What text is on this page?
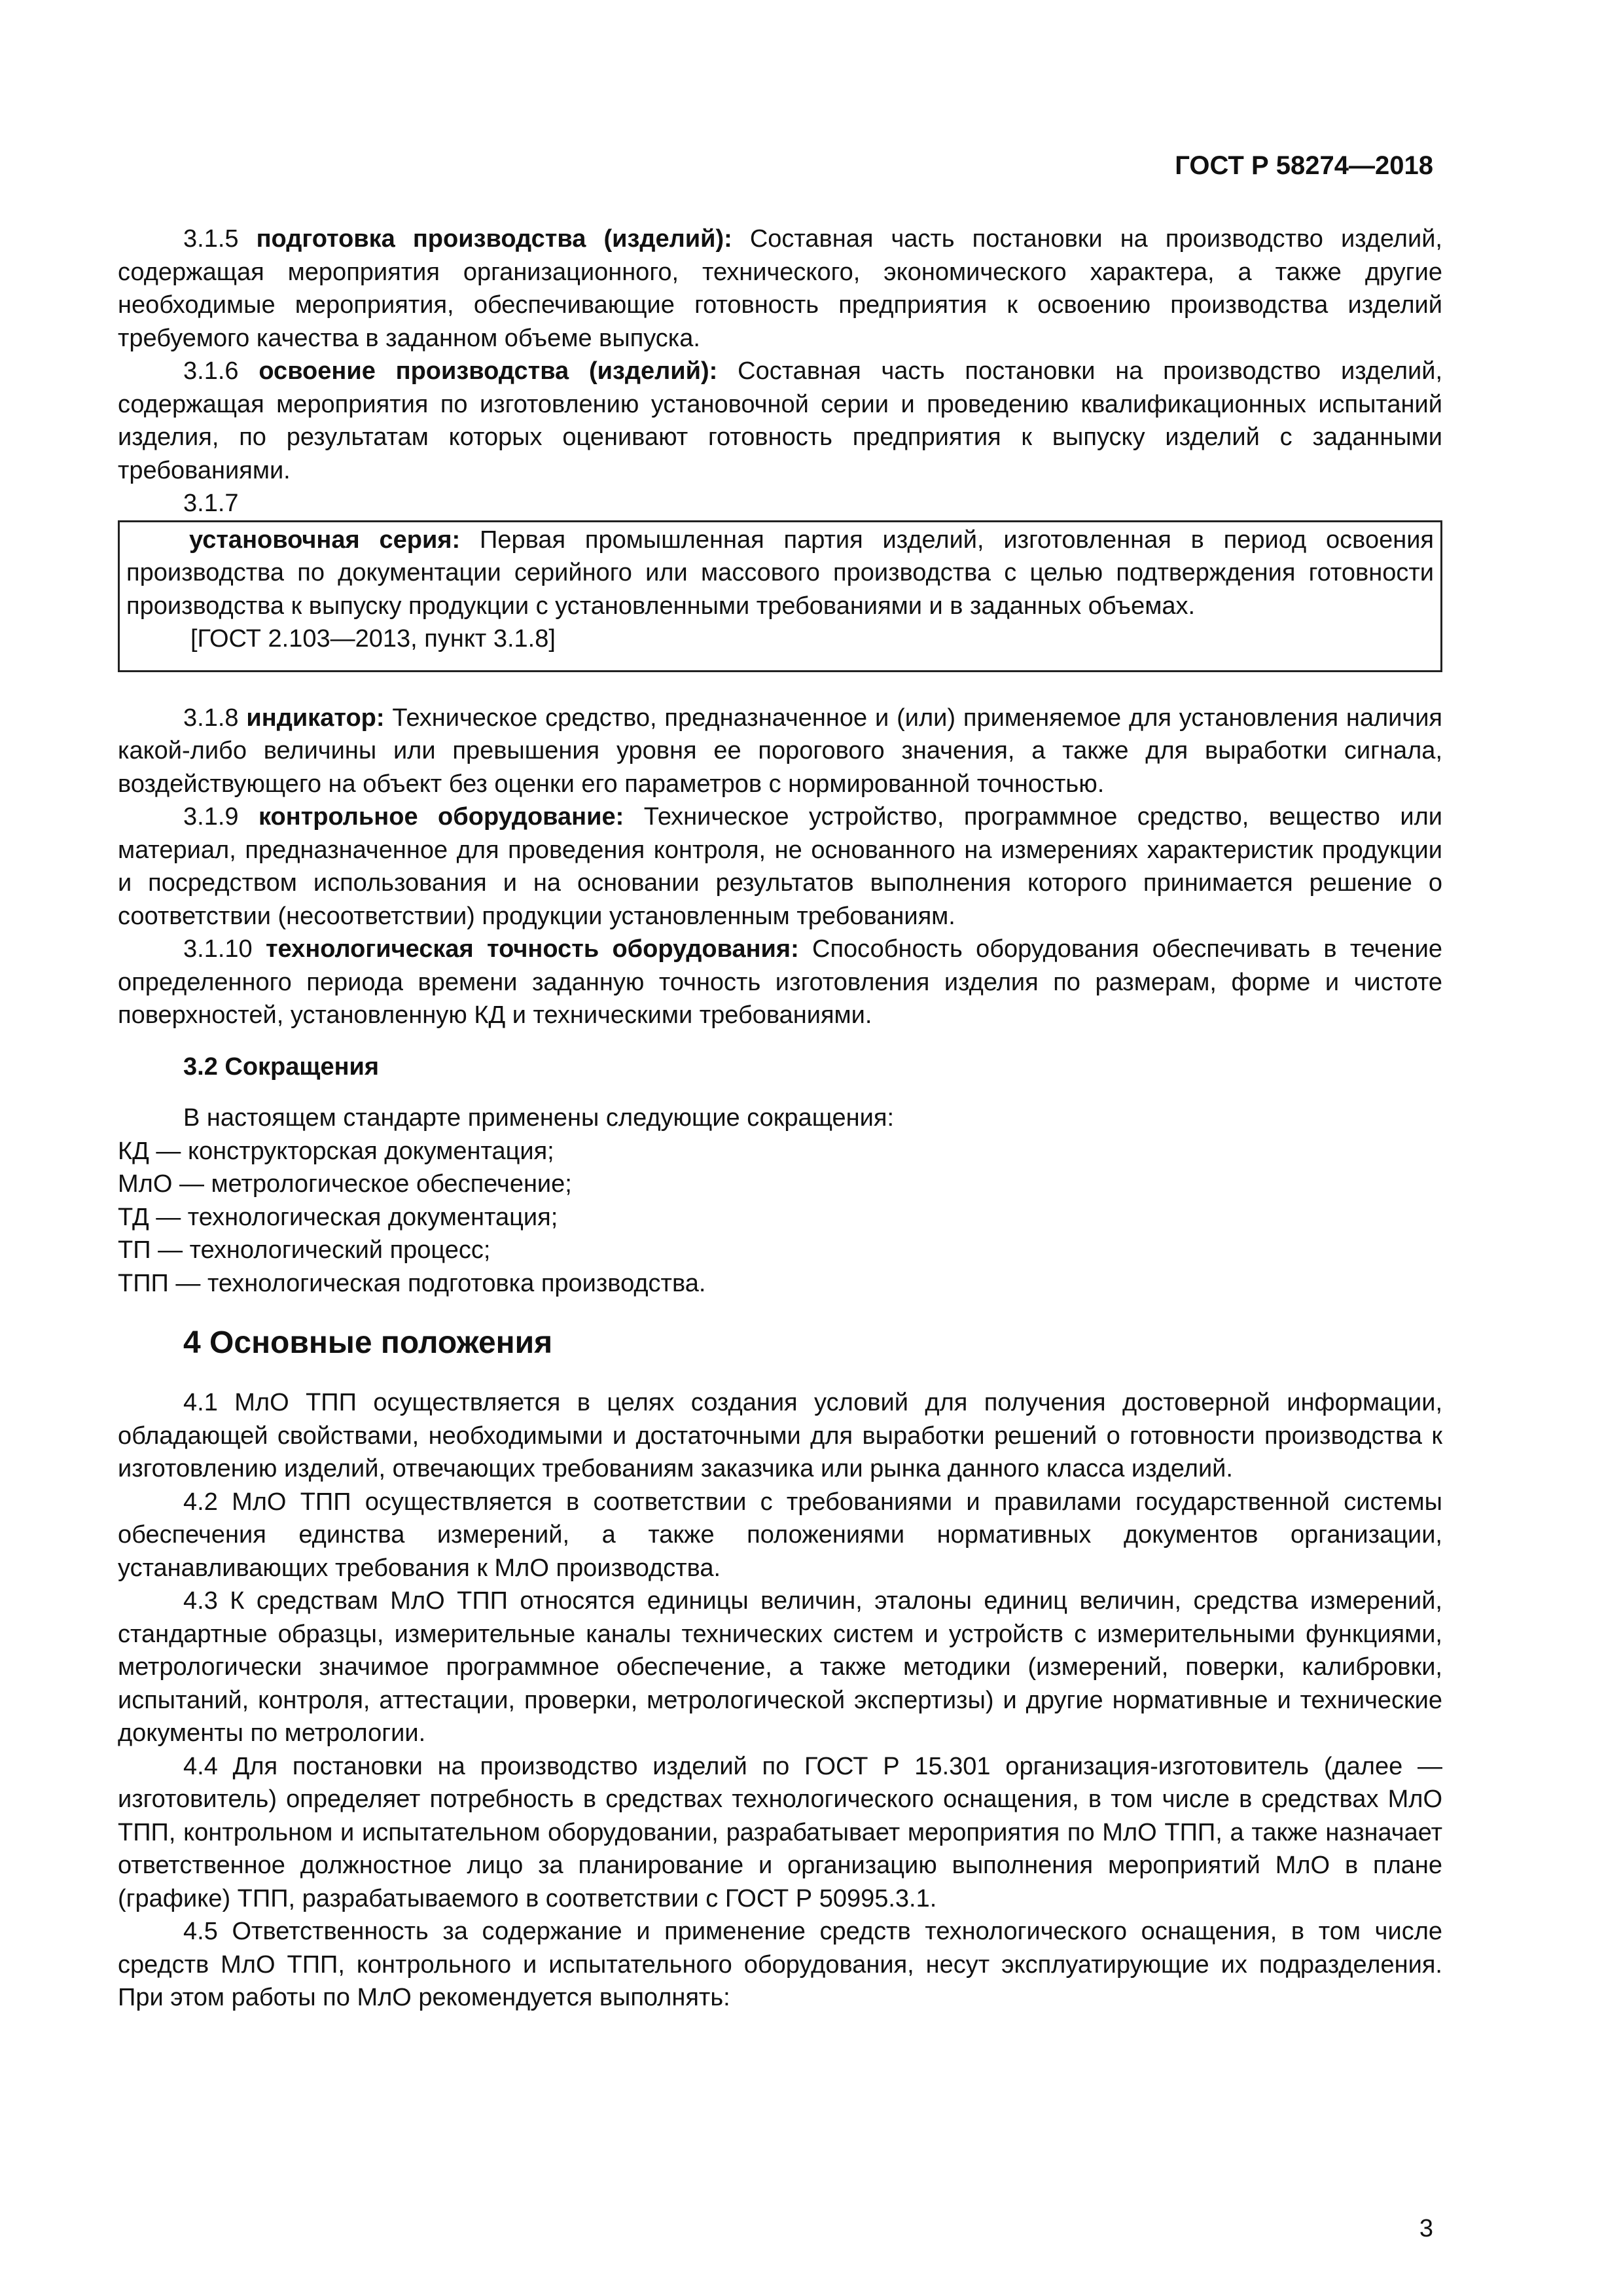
ГОСТ Р 58274—2018

3.1.5 подготовка производства (изделий): Составная часть постановки на производство изделий, содержащая мероприятия организационного, технического, экономического характера, а также другие необходимые мероприятия, обеспечивающие готовность предприятия к освоению производства изделий требуемого качества в заданном объеме выпуска.

3.1.6 освоение производства (изделий): Составная часть постановки на производство изделий, содержащая мероприятия по изготовлению установочной серии и проведению квалификационных испытаний изделия, по результатам которых оценивают готовность предприятия к выпуску изделий с заданными требованиями.

3.1.7

установочная серия: Первая промышленная партия изделий, изготовленная в период освоения производства по документации серийного или массового производства с целью подтверждения готовности производства к выпуску продукции с установленными требованиями и в заданных объемах.

[ГОСТ 2.103—2013, пункт 3.1.8]

3.1.8 индикатор: Техническое средство, предназначенное и (или) применяемое для установления наличия какой-либо величины или превышения уровня ее порогового значения, а также для выработки сигнала, воздействующего на объект без оценки его параметров с нормированной точностью.

3.1.9 контрольное оборудование: Техническое устройство, программное средство, вещество или материал, предназначенное для проведения контроля, не основанного на измерениях характеристик продукции и посредством использования и на основании результатов выполнения которого принимается решение о соответствии (несоответствии) продукции установленным требованиям.

3.1.10 технологическая точность оборудования: Способность оборудования обеспечивать в течение определенного периода времени заданную точность изготовления изделия по размерам, форме и чистоте поверхностей, установленную КД и техническими требованиями.

3.2 Сокращения

В настоящем стандарте применены следующие сокращения:

КД — конструкторская документация;

МлО — метрологическое обеспечение;

ТД — технологическая документация;

ТП — технологический процесс;

ТПП — технологическая подготовка производства.

4 Основные положения

4.1 МлО ТПП осуществляется в целях создания условий для получения достоверной информации, обладающей свойствами, необходимыми и достаточными для выработки решений о готовности производства к изготовлению изделий, отвечающих требованиям заказчика или рынка данного класса изделий.

4.2 МлО ТПП осуществляется в соответствии с требованиями и правилами государственной системы обеспечения единства измерений, а также положениями нормативных документов организации, устанавливающих требования к МлО производства.

4.3 К средствам МлО ТПП относятся единицы величин, эталоны единиц величин, средства измерений, стандартные образцы, измерительные каналы технических систем и устройств с измерительными функциями, метрологически значимое программное обеспечение, а также методики (измерений, поверки, калибровки, испытаний, контроля, аттестации, проверки, метрологической экспертизы) и другие нормативные и технические документы по метрологии.

4.4 Для постановки на производство изделий по ГОСТ Р 15.301 организация-изготовитель (далее — изготовитель) определяет потребность в средствах технологического оснащения, в том числе в средствах МлО ТПП, контрольном и испытательном оборудовании, разрабатывает мероприятия по МлО ТПП, а также назначает ответственное должностное лицо за планирование и организацию выполнения мероприятий МлО в плане (графике) ТПП, разрабатываемого в соответствии с ГОСТ Р 50995.3.1.

4.5 Ответственность за содержание и применение средств технологического оснащения, в том числе средств МлО ТПП, контрольного и испытательного оборудования, несут эксплуатирующие их подразделения. При этом работы по МлО рекомендуется выполнять:

3
